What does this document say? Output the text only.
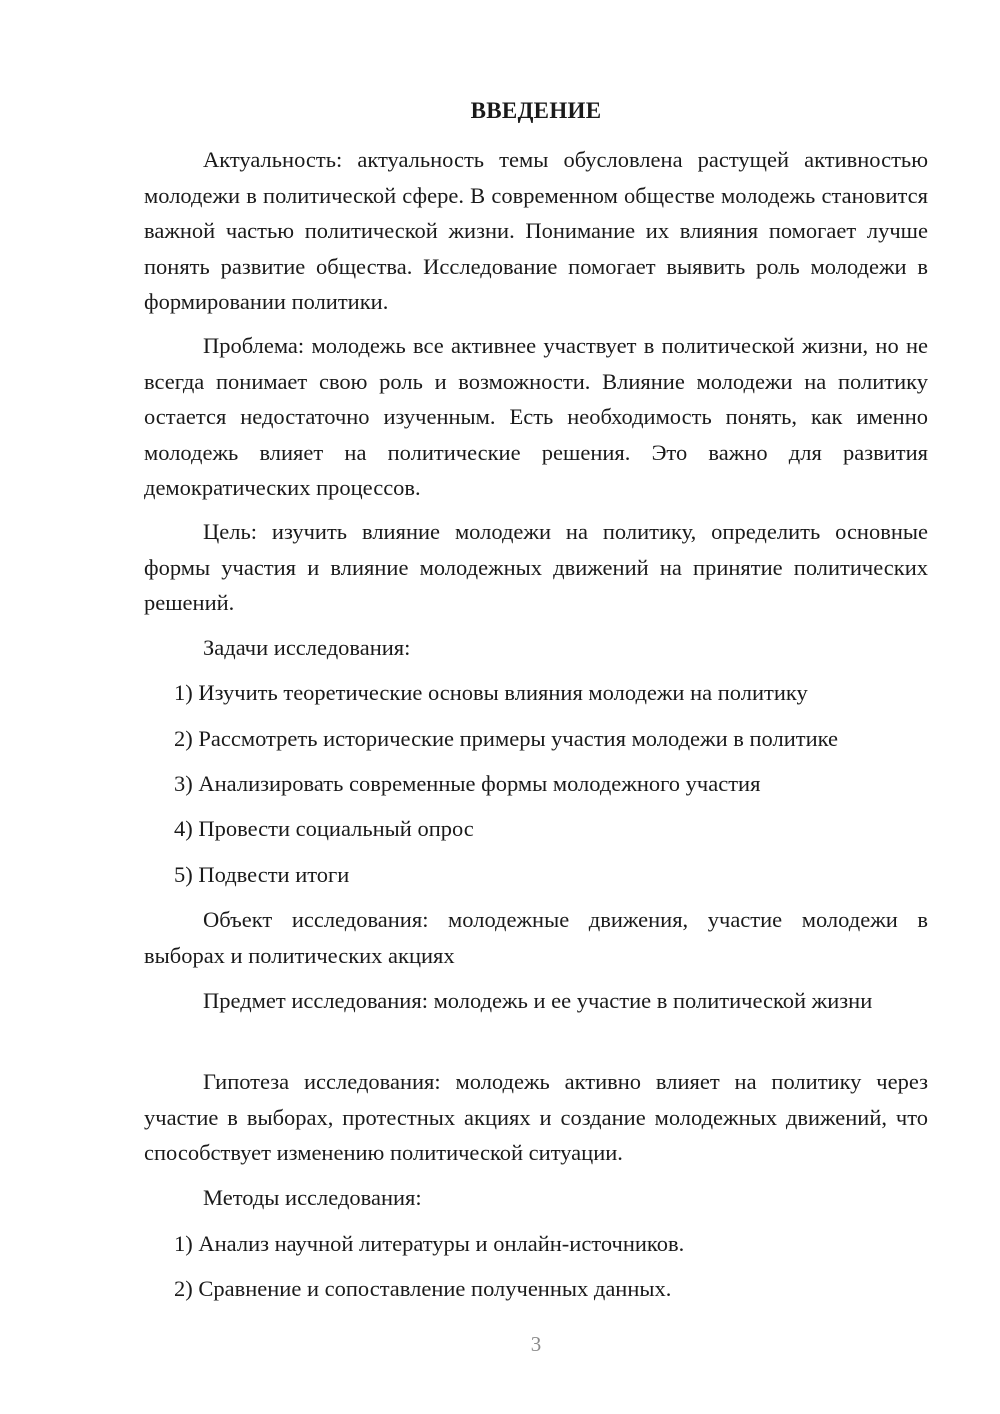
ВВЕДЕНИЕ

Актуальность: актуальность темы обусловлена растущей активностью молодежи в политической сфере. В современном обществе молодежь становится важной частью политической жизни. Понимание их влияния помогает лучше понять развитие общества. Исследование помогает выявить роль молодежи в формировании политики.

Проблема: молодежь все активнее участвует в политической жизни, но не всегда понимает свою роль и возможности. Влияние молодежи на политику остается недостаточно изученным. Есть необходимость понять, как именно молодежь влияет на политические решения. Это важно для развития демократических процессов.

Цель: изучить влияние молодежи на политику, определить основные формы участия и влияние молодежных движений на принятие политических решений.

Задачи исследования:

1) Изучить теоретические основы влияния молодежи на политику

2) Рассмотреть исторические примеры участия молодежи в политике

3) Анализировать современные формы молодежного участия

4) Провести социальный опрос

5) Подвести итоги

Объект исследования: молодежные движения, участие молодежи в выборах и политических акциях

Предмет исследования: молодежь и ее участие в политической жизни

Гипотеза исследования: молодежь активно влияет на политику через участие в выборах, протестных акциях и создание молодежных движений, что способствует изменению политической ситуации.

Методы исследования:

1) Анализ научной литературы и онлайн-источников.

2) Сравнение и сопоставление полученных данных.

3
